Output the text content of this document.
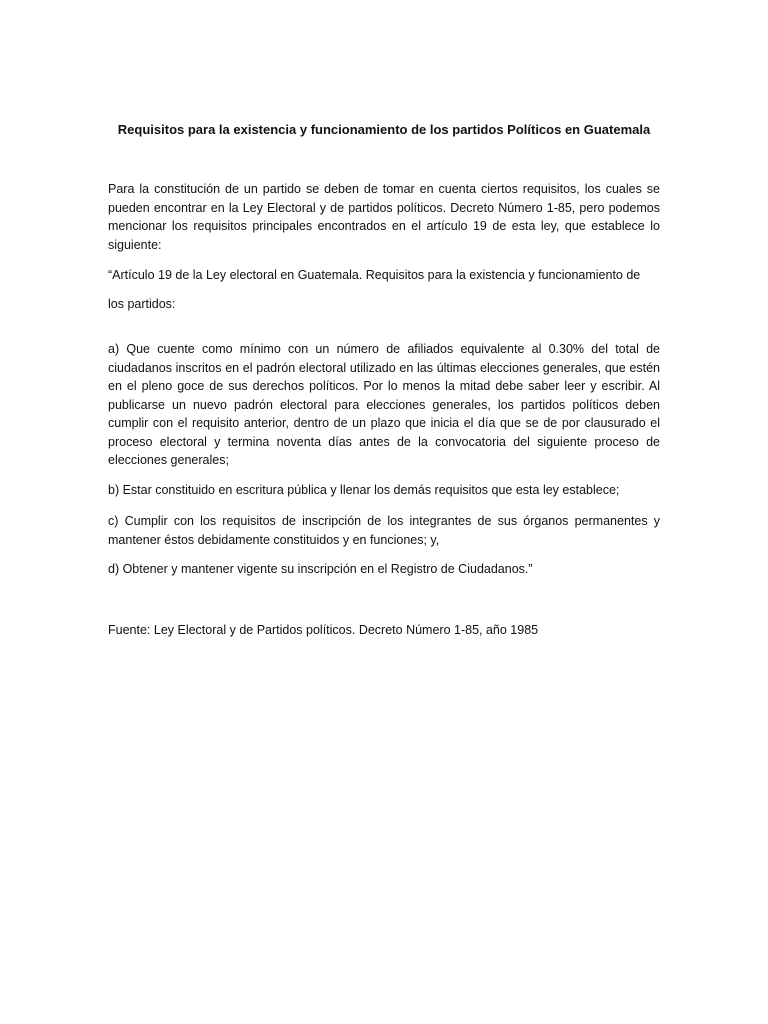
Requisitos para la existencia y funcionamiento de los partidos Políticos en Guatemala
Para la constitución de un partido se deben de tomar en cuenta ciertos requisitos, los cuales se pueden encontrar en la Ley Electoral y de partidos políticos. Decreto Número 1-85, pero podemos mencionar los requisitos principales encontrados en el artículo 19 de esta ley, que establece lo siguiente:
“Artículo 19 de la Ley electoral en Guatemala. Requisitos para la existencia y funcionamiento de
los partidos:
a) Que cuente como mínimo con un número de afiliados equivalente al 0.30% del total de ciudadanos inscritos en el padrón electoral utilizado en las últimas elecciones generales, que estén en el pleno goce de sus derechos políticos. Por lo menos la mitad debe saber leer y escribir. Al publicarse un nuevo padrón electoral para elecciones generales, los partidos políticos deben cumplir con el requisito anterior, dentro de un plazo que inicia el día que se de por clausurado el proceso electoral y termina noventa días antes de la convocatoria del siguiente proceso de elecciones generales;
b) Estar constituido en escritura pública y llenar los demás requisitos que esta ley establece;
c) Cumplir con los requisitos de inscripción de los integrantes de sus órganos permanentes y mantener éstos debidamente constituidos y en funciones; y,
d) Obtener y mantener vigente su inscripción en el Registro de Ciudadanos.”
Fuente: Ley Electoral y de Partidos políticos. Decreto Número 1-85, año 1985
